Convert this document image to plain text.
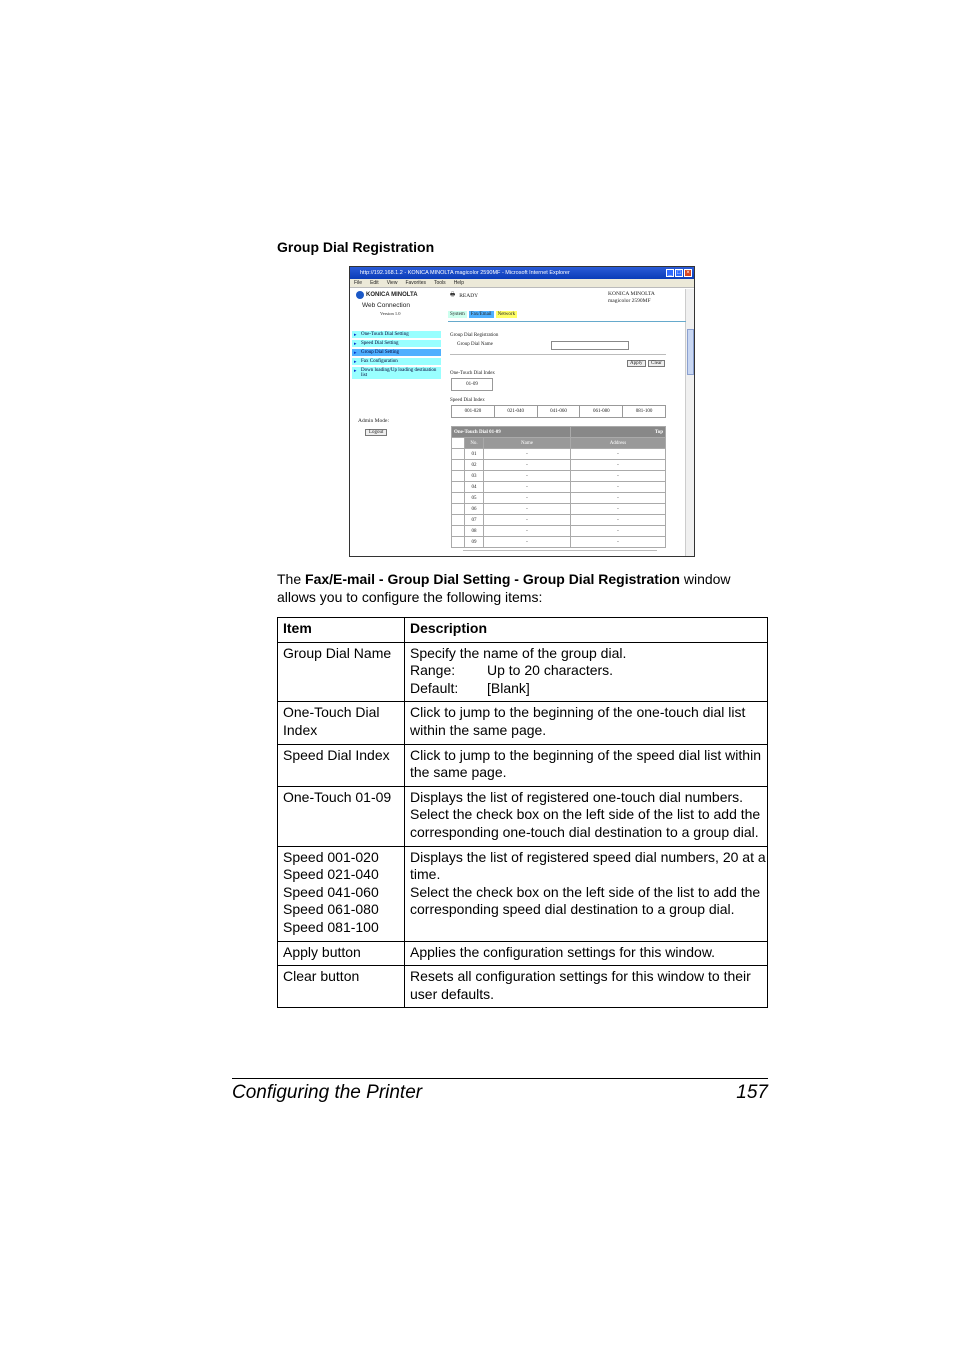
Group Dial Registration
http://192.168.1.2 - KONICA MINOLTA magicolor 2590MF - Microsoft Internet Explorer	_ □ ×
File Edit View Favorites Tools Help
KONICA MINOLTA
Web Connection
Version 1.0
▸ One-Touch Dial Setting
▸ Speed Dial Setting
▸ Group Dial Setting
▸ Fax Configuration
▸ Down loading/Up loading destination list
Admin Mode:
Logout
🖶 READY	KONICA MINOLTA
magicolor 2590MF
System	Fax/Email	Network
Group Dial Registration
Group Dial Name
Apply	Clear
One-Touch Dial Index
01-09
Speed Dial Index
001-020	021-040	041-060	061-080	081-100
One-Touch Dial 01-09			Top
	No.	Name	Address
	01	-	-
	02	-	-
	03	-	-
	04	-	-
	05	-	-
	06	-	-
	07	-	-
	08	-	-
	09	-	-
The Fax/E-mail - Group Dial Setting - Group Dial Registration window allows you to configure the following items:
Item	Description

Group Dial Name	Specify the name of the group dial.
Range: Up to 20 characters.
Default: [Blank]

One-Touch Dial Index	Click to jump to the beginning of the one-touch dial list within the same page.

Speed Dial Index	Click to jump to the beginning of the speed dial list within the same page.

One-Touch 01-09	Displays the list of registered one-touch dial numbers.
Select the check box on the left side of the list to add the corresponding one-touch dial destination to a group dial.

Speed 001-020
Speed 021-040
Speed 041-060
Speed 061-080
Speed 081-100	Displays the list of registered speed dial numbers, 20 at a time.
Select the check box on the left side of the list to add the corresponding speed dial destination to a group dial.

Apply button	Applies the configuration settings for this window.

Clear button	Resets all configuration settings for this window to their user defaults.
Configuring the Printer	157
